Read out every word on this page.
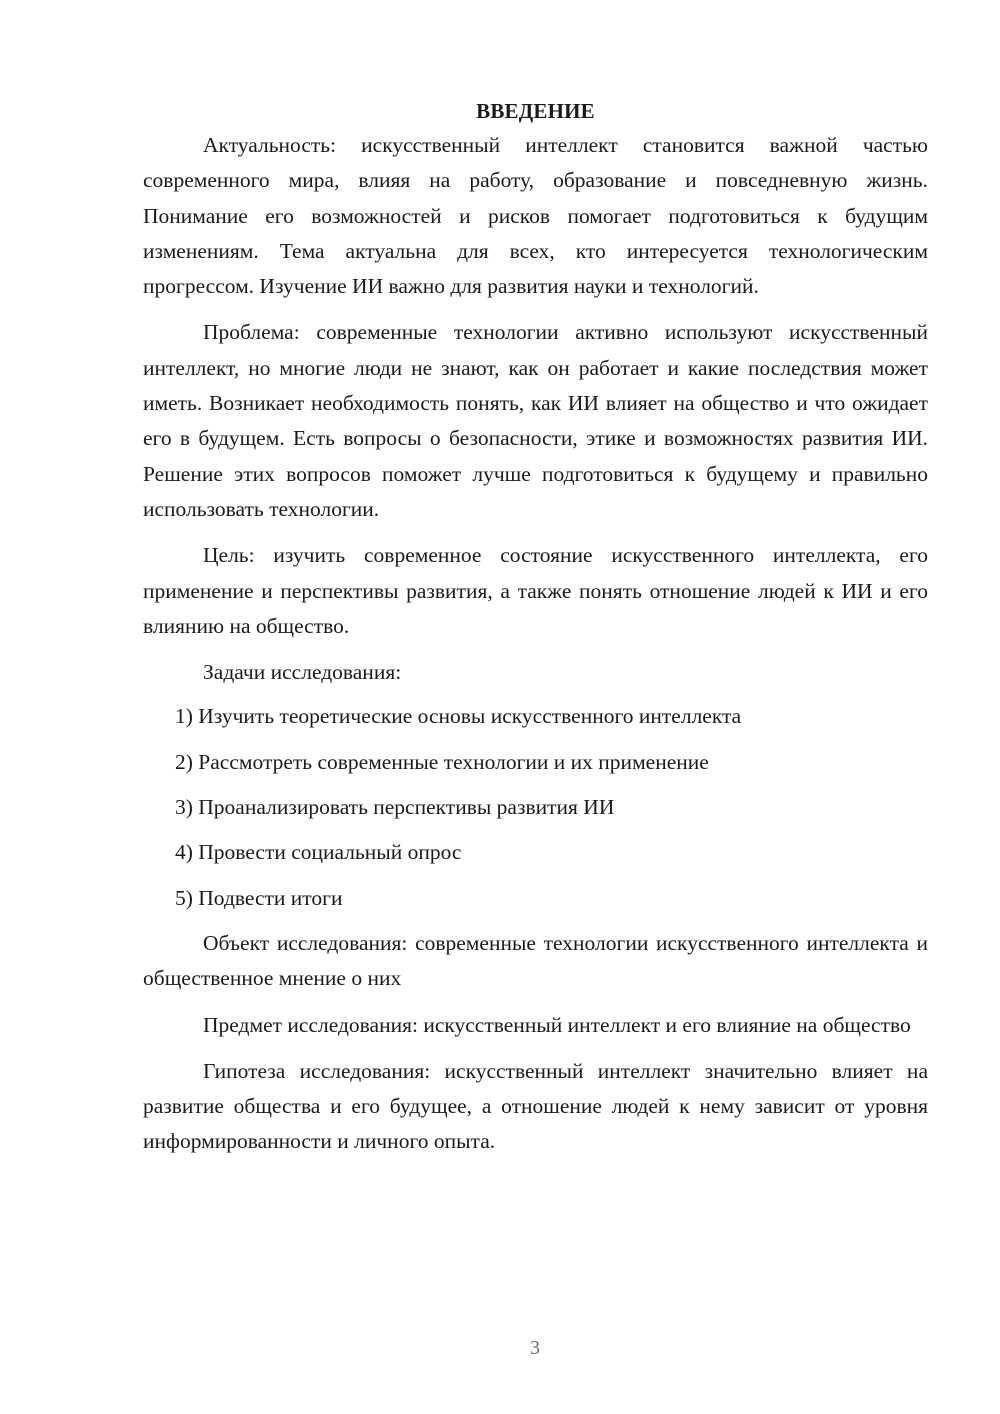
ВВЕДЕНИЕ

Актуальность: искусственный интеллект становится важной частью современного мира, влияя на работу, образование и повседневную жизнь. Понимание его возможностей и рисков помогает подготовиться к будущим изменениям. Тема актуальна для всех, кто интересуется технологическим прогрессом. Изучение ИИ важно для развития науки и технологий.

Проблема: современные технологии активно используют искусственный интеллект, но многие люди не знают, как он работает и какие последствия может иметь. Возникает необходимость понять, как ИИ влияет на общество и что ожидает его в будущем. Есть вопросы о безопасности, этике и возможностях развития ИИ. Решение этих вопросов поможет лучше подготовиться к будущему и правильно использовать технологии.

Цель: изучить современное состояние искусственного интеллекта, его применение и перспективы развития, а также понять отношение людей к ИИ и его влиянию на общество.

Задачи исследования:

1) Изучить теоретические основы искусственного интеллекта
2) Рассмотреть современные технологии и их применение
3) Проанализировать перспективы развития ИИ
4) Провести социальный опрос
5) Подвести итоги

Объект исследования: современные технологии искусственного интеллекта и общественное мнение о них

Предмет исследования: искусственный интеллект и его влияние на общество

Гипотеза исследования: искусственный интеллект значительно влияет на развитие общества и его будущее, а отношение людей к нему зависит от уровня информированности и личного опыта.

3
